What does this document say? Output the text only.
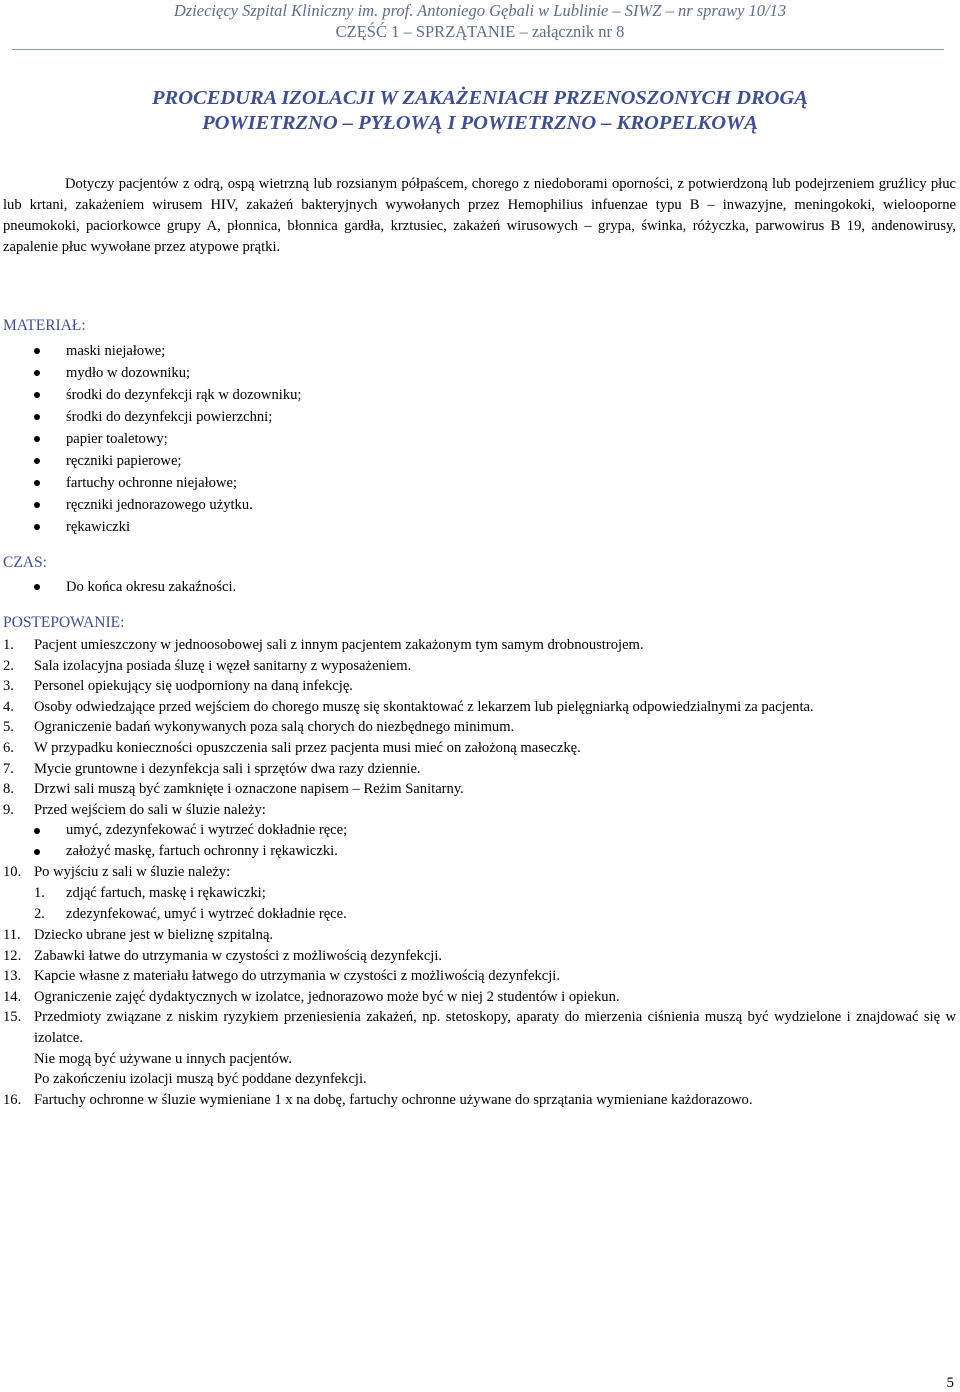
Dziecięcy Szpital Kliniczny im. prof. Antoniego Gębali w Lublinie – SIWZ – nr sprawy 10/13
CZĘŚĆ 1 – SPRZĄTANIE – załącznik nr 8
PROCEDURA IZOLACJI W ZAKAŻENIACH PRZENOSZONYCH DROGĄ
POWIETRZNO – PYŁOWĄ I POWIETRZNO – KROPELKOWĄ
Dotyczy pacjentów z odrą, ospą wietrzną lub rozsianym półpaścem, chorego z niedoborami oporności, z potwierdzoną lub podejrzeniem gruźlicy płuc lub krtani, zakażeniem wirusem HIV, zakażeń bakteryjnych wywołanych przez Hemophilius infuenzae typu B – inwazyjne, meningokoki, wielooporne pneumokoki, paciorkowce grupy A, płonnica, błonnica gardła, krztusiec, zakażeń wirusowych – grypa, świnka, różyczka, parwowirus B 19, andenowirusy, zapalenie płuc wywołane przez atypowe prątki.
MATERIAŁ:
maski niejałowe;
mydło w dozowniku;
środki do dezynfekcji rąk w dozowniku;
środki do dezynfekcji powierzchni;
papier toaletowy;
ręczniki papierowe;
fartuchy ochronne niejałowe;
ręczniki jednorazowego użytku.
rękawiczki
CZAS:
Do końca okresu zakaźności.
POSTEPOWANIE:
1. Pacjent umieszczony w jednoosobowej sali z innym pacjentem zakażonym tym samym drobnoustrojem.
2. Sala izolacyjna posiada śluzę i węzeł sanitarny z wyposażeniem.
3. Personel opiekujący się uodporniony na daną infekcję.
4. Osoby odwiedzające przed wejściem do chorego muszę się skontaktować z lekarzem lub pielęgniarką odpowiedzialnymi za pacjenta.
5. Ograniczenie badań wykonywanych poza salą chorych do niezbędnego minimum.
6. W przypadku konieczności opuszczenia sali przez pacjenta musi mieć on założoną maseczkę.
7. Mycie gruntowne i dezynfekcja sali i sprzętów dwa razy dziennie.
8. Drzwi sali muszą być zamknięte i oznaczone napisem – Reżim Sanitarny.
9. Przed wejściem do sali w śluzie należy:
umyć, zdezynfekować i wytrzeć dokładnie ręce;
założyć maskę, fartuch ochronny i rękawiczki.
10. Po wyjściu z sali w śluzie należy:
1. zdjąć fartuch, maskę i rękawiczki;
2. zdezynfekować, umyć i wytrzeć dokładnie ręce.
11. Dziecko ubrane jest w bieliznę szpitalną.
12. Zabawki łatwe do utrzymania w czystości z możliwością dezynfekcji.
13. Kapcie własne z materiału łatwego do utrzymania w czystości z możliwością dezynfekcji.
14. Ograniczenie zajęć dydaktycznych w izolatce, jednorazowo może być w niej 2 studentów i opiekun.
15. Przedmioty związane z niskim ryzykiem przeniesienia zakażeń, np. stetoskopy, aparaty do mierzenia ciśnienia muszą być wydzielone i znajdować się w izolatce.
Nie mogą być używane u innych pacjentów.
Po zakończeniu izolacji muszą być poddane dezynfekcji.
16. Fartuchy ochronne w śluzie wymieniane 1 x na dobę, fartuchy ochronne używane do sprzątania wymieniane każdorazowo.
5
